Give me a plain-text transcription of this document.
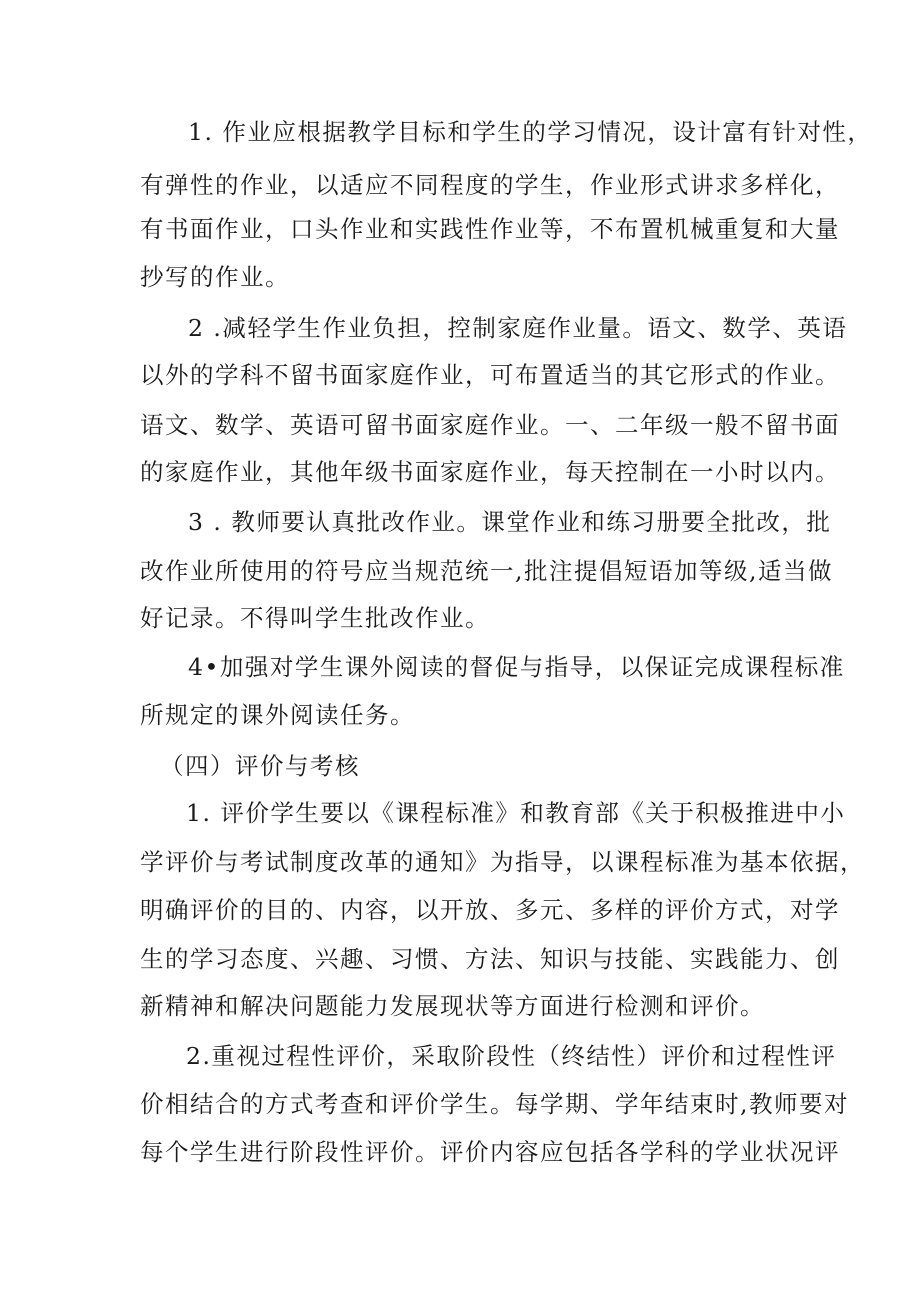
1. 作业应根据教学目标和学生的学习情况，设计富有针对性，

有弹性的作业，以适应不同程度的学生，作业形式讲求多样化，

有书面作业，口头作业和实践性作业等，不布置机械重复和大量

抄写的作业。

2 .减轻学生作业负担，控制家庭作业量。语文、数学、英语

以外的学科不留书面家庭作业，可布置适当的其它形式的作业。

语文、数学、英语可留书面家庭作业。一、二年级一般不留书面

的家庭作业，其他年级书面家庭作业，每天控制在一小时以内。

3 . 教师要认真批改作业。课堂作业和练习册要全批改，批

改作业所使用的符号应当规范统一,批注提倡短语加等级,适当做

好记录。不得叫学生批改作业。

4•加强对学生课外阅读的督促与指导，以保证完成课程标准

所规定的课外阅读任务。

（四）评价与考核

1. 评价学生要以《课程标准》和教育部《关于积极推进中小

学评价与考试制度改革的通知》为指导，以课程标准为基本依据，

明确评价的目的、内容，以开放、多元、多样的评价方式，对学

生的学习态度、兴趣、习惯、方法、知识与技能、实践能力、创

新精神和解决问题能力发展现状等方面进行检测和评价。

2.重视过程性评价，采取阶段性（终结性）评价和过程性评

价相结合的方式考查和评价学生。每学期、学年结束时,教师要对

每个学生进行阶段性评价。评价内容应包括各学科的学业状况评
